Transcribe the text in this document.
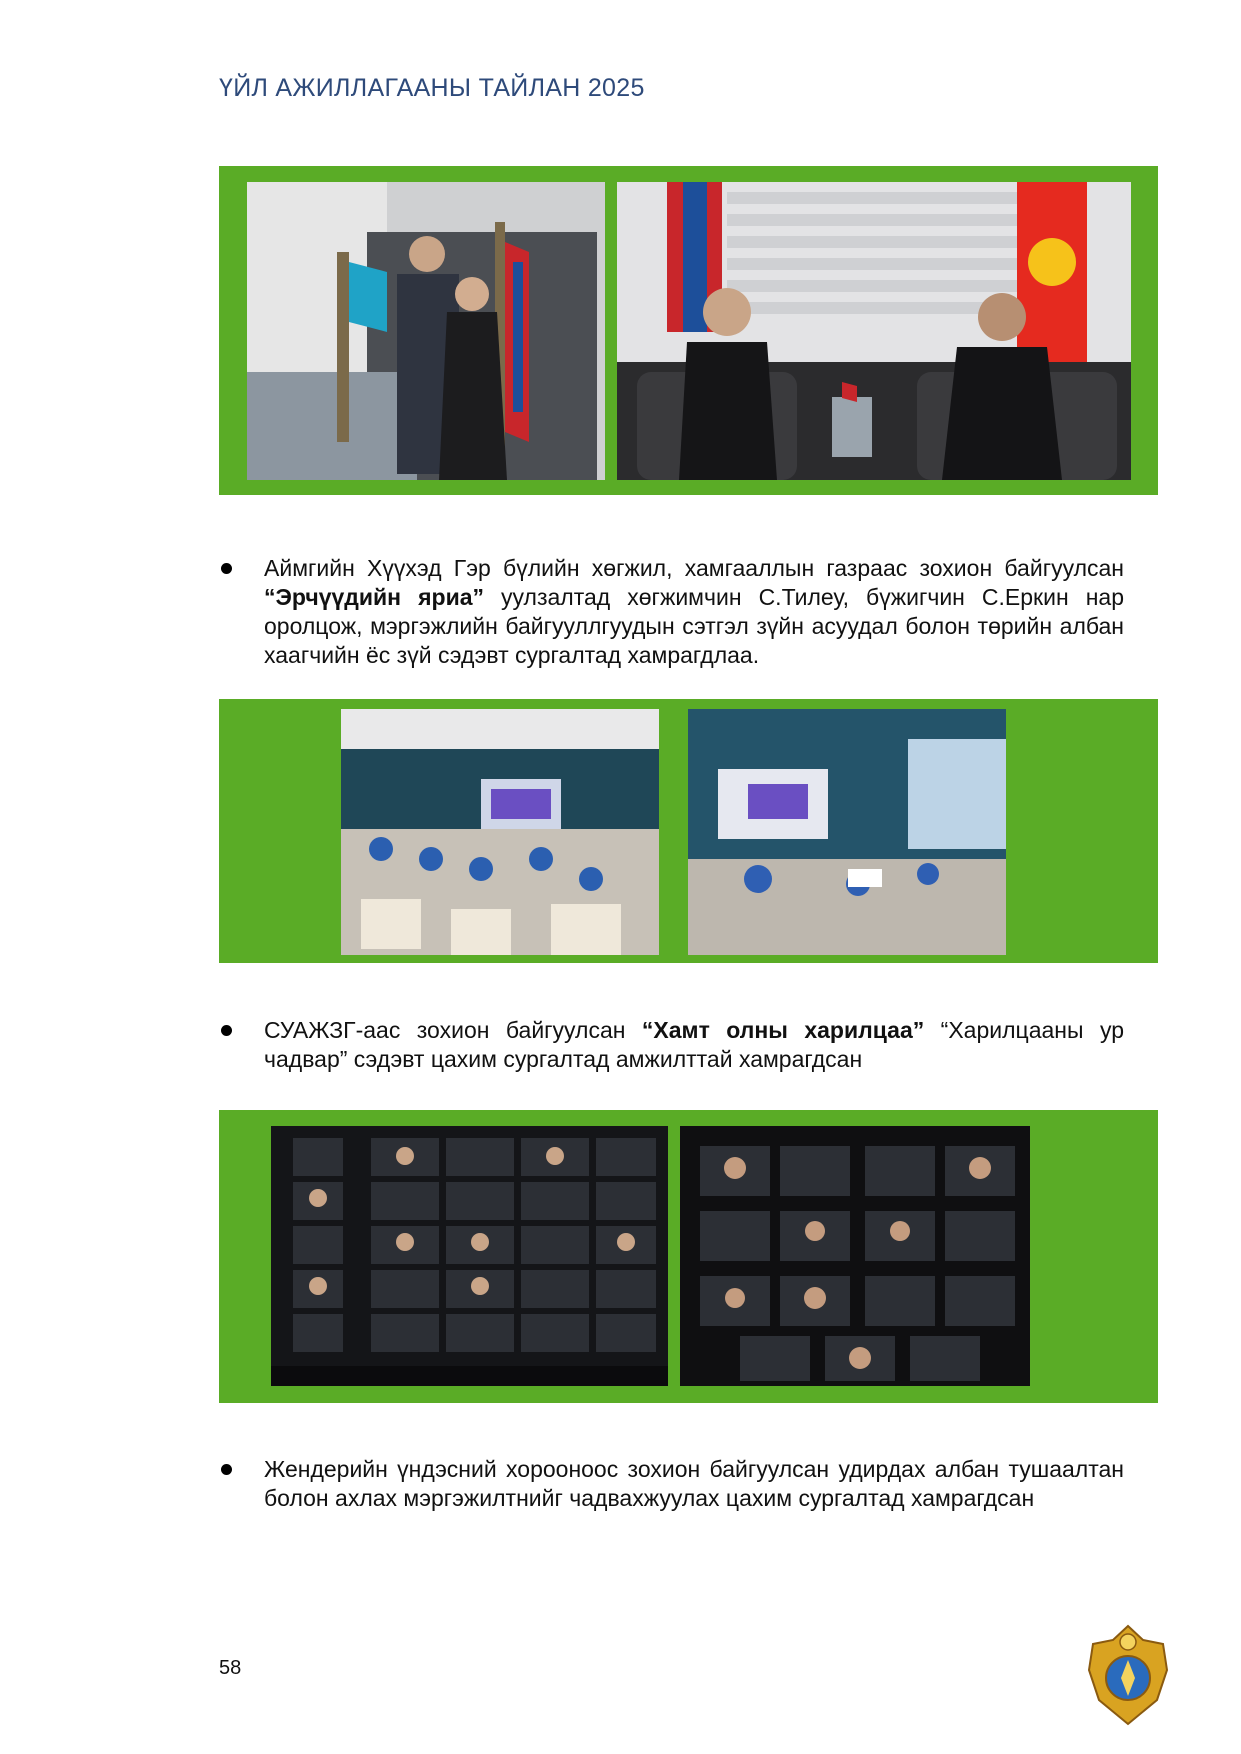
ҮЙЛ АЖИЛЛАГААНЫ ТАЙЛАН 2025
Аймгийн Хүүхэд Гэр бүлийн хөгжил, хамгааллын газраас зохион байгуулсан “Эрчүүдийн яриа” уулзалтад хөгжимчин С.Тилеу, бүжигчин С.Еркин нар оролцож, мэргэжлийн байгууллгуудын сэтгэл зүйн асуудал болон төрийн албан хаагчийн ёс зүй сэдэвт сургалтад хамрагдлаа.
СУАЖЗГ-аас зохион байгуулсан “Хамт олны харилцаа” “Харилцааны ур чадвар” сэдэвт цахим сургалтад амжилттай хамрагдсан
Жендерийн үндэсний хорооноос зохион байгуулсан удирдах албан тушаалтан болон ахлах мэргэжилтнийг чадвахжуулах цахим сургалтад хамрагдсан
58
